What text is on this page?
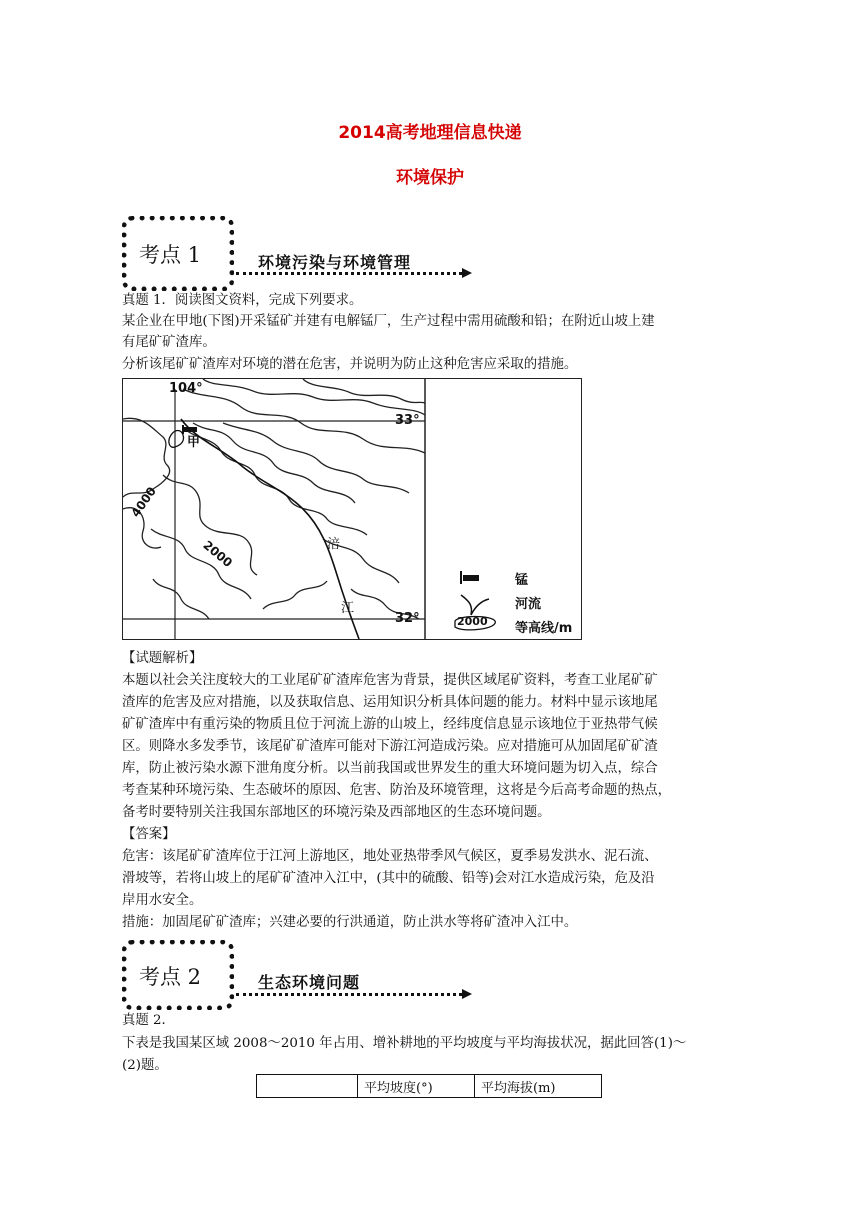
2014高考地理信息快递
环境保护
考点 1	环境污染与环境管理
真题 1．阅读图文资料，完成下列要求。
某企业在甲地(下图)开采锰矿并建有电解锰厂，生产过程中需用硫酸和铅；在附近山坡上建
有尾矿矿渣库。
分析该尾矿矿渣库对环境的潜在危害，并说明为防止这种危害应采取的措施。
104°
33°
32°
甲
4000
2000	涪
江
锰
河流
2000 等高线/m
【试题解析】
本题以社会关注度较大的工业尾矿矿渣库危害为背景，提供区域尾矿资料，考查工业尾矿矿
渣库的危害及应对措施，以及获取信息、运用知识分析具体问题的能力。材料中显示该地尾
矿矿渣库中有重污染的物质且位于河流上游的山坡上，经纬度信息显示该地位于亚热带气候
区。则降水多发季节，该尾矿矿渣库可能对下游江河造成污染。应对措施可从加固尾矿矿渣
库，防止被污染水源下泄角度分析。以当前我国或世界发生的重大环境问题为切入点，综合
考查某种环境污染、生态破坏的原因、危害、防治及环境管理，这将是今后高考命题的热点，
备考时要特别关注我国东部地区的环境污染及西部地区的生态环境问题。
【答案】
危害：该尾矿矿渣库位于江河上游地区，地处亚热带季风气候区，夏季易发洪水、泥石流、
滑坡等，若将山坡上的尾矿矿渣冲入江中，(其中的硫酸、铅等)会对江水造成污染，危及沿
岸用水安全。
措施：加固尾矿矿渣库；兴建必要的行洪通道，防止洪水等将矿渣冲入江中。
考点 2	生态环境问题
真题 2．
下表是我国某区域 2008～2010 年占用、增补耕地的平均坡度与平均海拔状况，据此回答(1)～
(2)题。
	平均坡度(°)	平均海拔(m)
